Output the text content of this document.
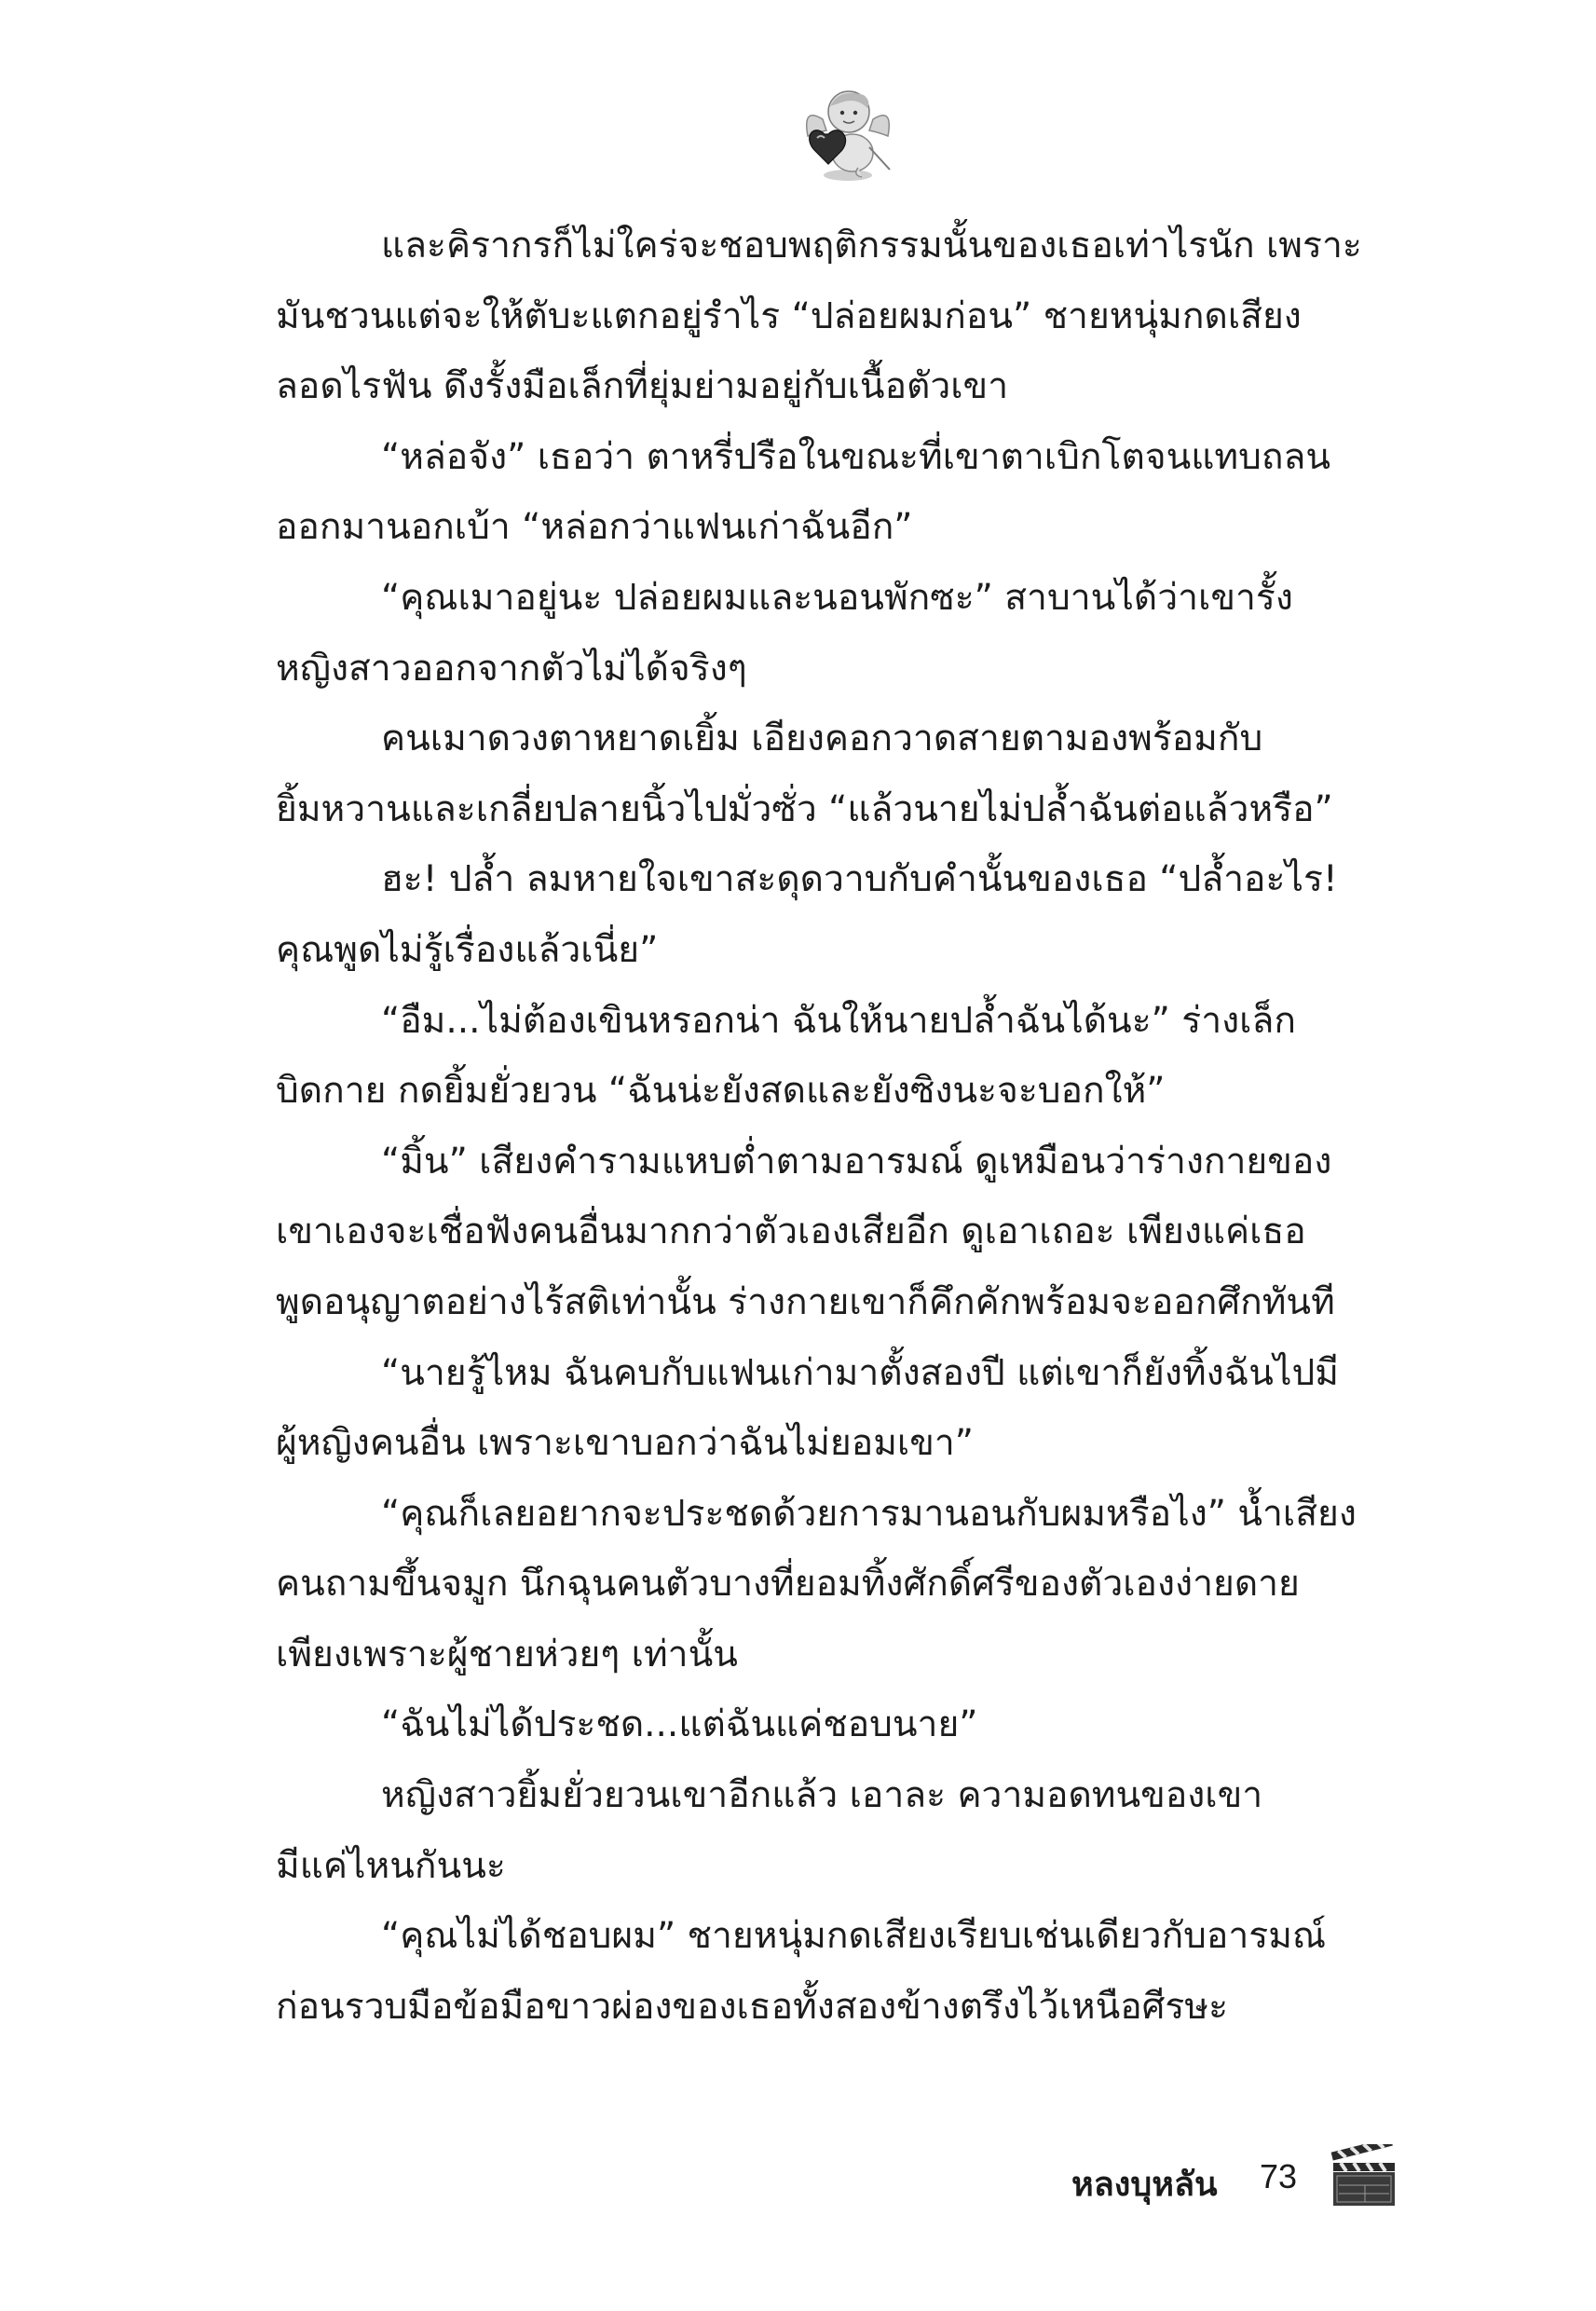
และคิรากรก็ไม่ใคร่จะชอบพฤติกรรมนั้นของเธอเท่าไรนัก เพราะ

มันชวนแต่จะให้ตับะแตกอยู่รำไร “ปล่อยผมก่อน” ชายหนุ่มกดเสียง

ลอดไรฟัน ดึงรั้งมือเล็กที่ยุ่มย่ามอยู่กับเนื้อตัวเขา

“หล่อจัง” เธอว่า ตาหรี่ปรือในขณะที่เขาตาเบิกโตจนแทบถลน

ออกมานอกเบ้า “หล่อกว่าแฟนเก่าฉันอีก”

“คุณเมาอยู่นะ ปล่อยผมและนอนพักซะ” สาบานได้ว่าเขารั้ง

หญิงสาวออกจากตัวไม่ได้จริงๆ

คนเมาดวงตาหยาดเยิ้ม เอียงคอกวาดสายตามองพร้อมกับ

ยิ้มหวานและเกลี่ยปลายนิ้วไปมั่วซั่ว “แล้วนายไม่ปล้ำฉันต่อแล้วหรือ”

ฮะ! ปล้ำ ลมหายใจเขาสะดุดวาบกับคำนั้นของเธอ “ปล้ำอะไร!

คุณพูดไม่รู้เรื่องแล้วเนี่ย”

“อืม...ไม่ต้องเขินหรอกน่า ฉันให้นายปล้ำฉันได้นะ” ร่างเล็ก

บิดกาย กดยิ้มยั่วยวน “ฉันน่ะยังสดและยังซิงนะจะบอกให้”

“มิ้น” เสียงคำรามแหบต่ำตามอารมณ์ ดูเหมือนว่าร่างกายของ

เขาเองจะเชื่อฟังคนอื่นมากกว่าตัวเองเสียอีก ดูเอาเถอะ เพียงแค่เธอ

พูดอนุญาตอย่างไร้สติเท่านั้น ร่างกายเขาก็คึกคักพร้อมจะออกศึกทันที

“นายรู้ไหม ฉันคบกับแฟนเก่ามาตั้งสองปี แต่เขาก็ยังทิ้งฉันไปมี

ผู้หญิงคนอื่น เพราะเขาบอกว่าฉันไม่ยอมเขา”

“คุณก็เลยอยากจะประชดด้วยการมานอนกับผมหรือไง” น้ำเสียง

คนถามขึ้นจมูก นึกฉุนคนตัวบางที่ยอมทิ้งศักดิ์ศรีของตัวเองง่ายดาย

เพียงเพราะผู้ชายห่วยๆ เท่านั้น

“ฉันไม่ได้ประชด...แต่ฉันแค่ชอบนาย”

หญิงสาวยิ้มยั่วยวนเขาอีกแล้ว เอาละ ความอดทนของเขา

มีแค่ไหนกันนะ

“คุณไม่ได้ชอบผม” ชายหนุ่มกดเสียงเรียบเช่นเดียวกับอารมณ์

ก่อนรวบมือข้อมือขาวผ่องของเธอทั้งสองข้างตรึงไว้เหนือศีรษะ

หลงบุหลัน 73
